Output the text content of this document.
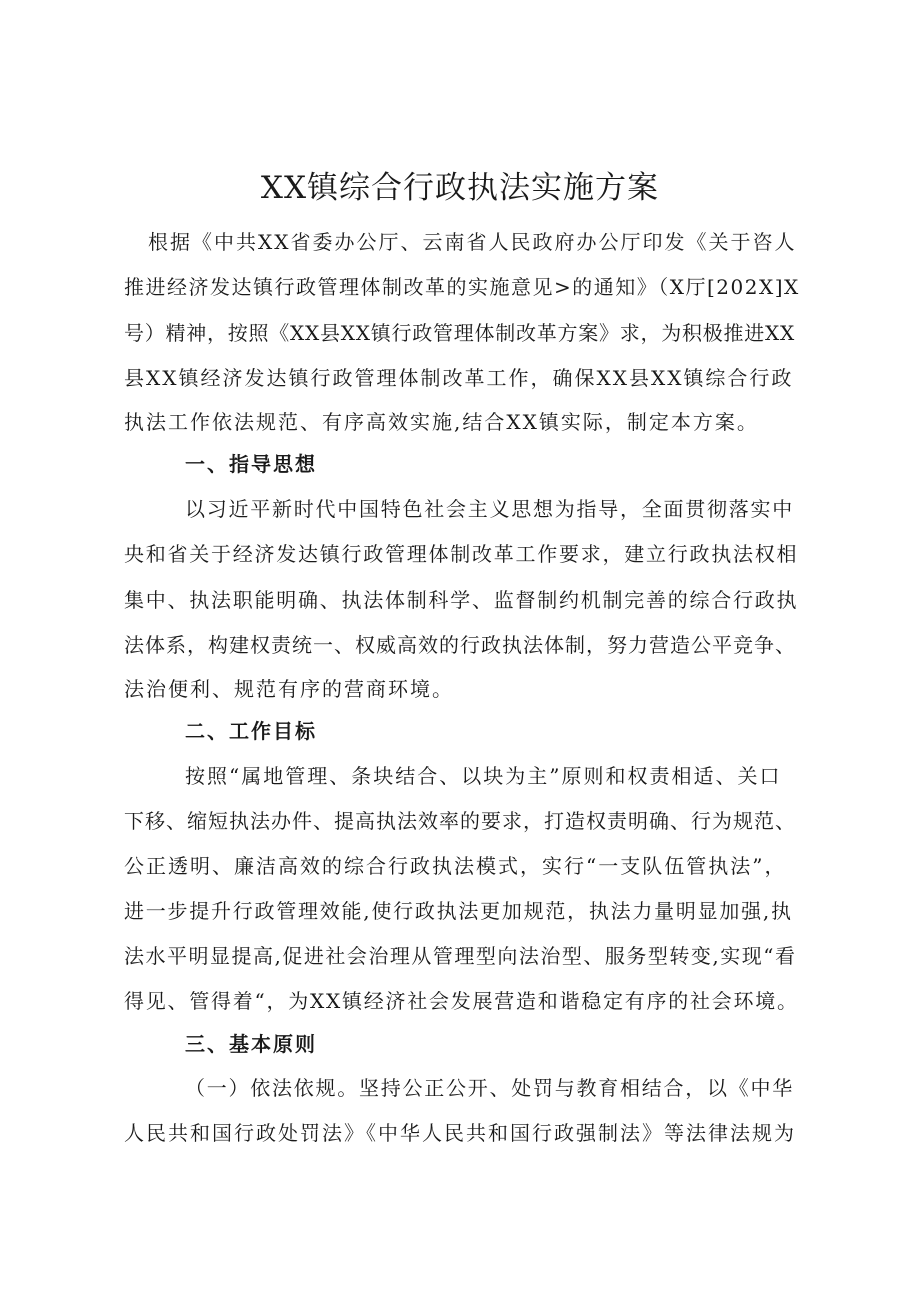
XX镇综合行政执法实施方案
根据《中共XX省委办公厅、云南省人民政府办公厅印发《关于咨人
推进经济发达镇行政管理体制改革的实施意见>的通知》（X厅[202X]X
号）精神，按照《XX县XX镇行政管理体制改革方案》求，为积极推进XX
县XX镇经济发达镇行政管理体制改革工作，确保XX县XX镇综合行政
执法工作依法规范、有序高效实施,结合XX镇实际，制定本方案。
一、指导思想
以习近平新时代中国特色社会主义思想为指导，全面贯彻落实中
央和省关于经济发达镇行政管理体制改革工作要求，建立行政执法权相
集中、执法职能明确、执法体制科学、监督制约机制完善的综合行政执
法体系，构建权责统一、权威高效的行政执法体制，努力营造公平竞争、
法治便利、规范有序的营商环境。
二、工作目标
按照“属地管理、条块结合、以块为主”原则和权责相适、关口
下移、缩短执法办件、提高执法效率的要求，打造权责明确、行为规范、
公正透明、廉洁高效的综合行政执法模式，实行“一支队伍管执法”，
进一步提升行政管理效能,使行政执法更加规范，执法力量明显加强,执
法水平明显提高,促进社会治理从管理型向法治型、服务型转变,实现“看
得见、管得着“，为XX镇经济社会发展营造和谐稳定有序的社会环境。
三、基本原则
（一）依法依规。坚持公正公开、处罚与教育相结合，以《中华
人民共和国行政处罚法》《中华人民共和国行政强制法》等法律法规为
